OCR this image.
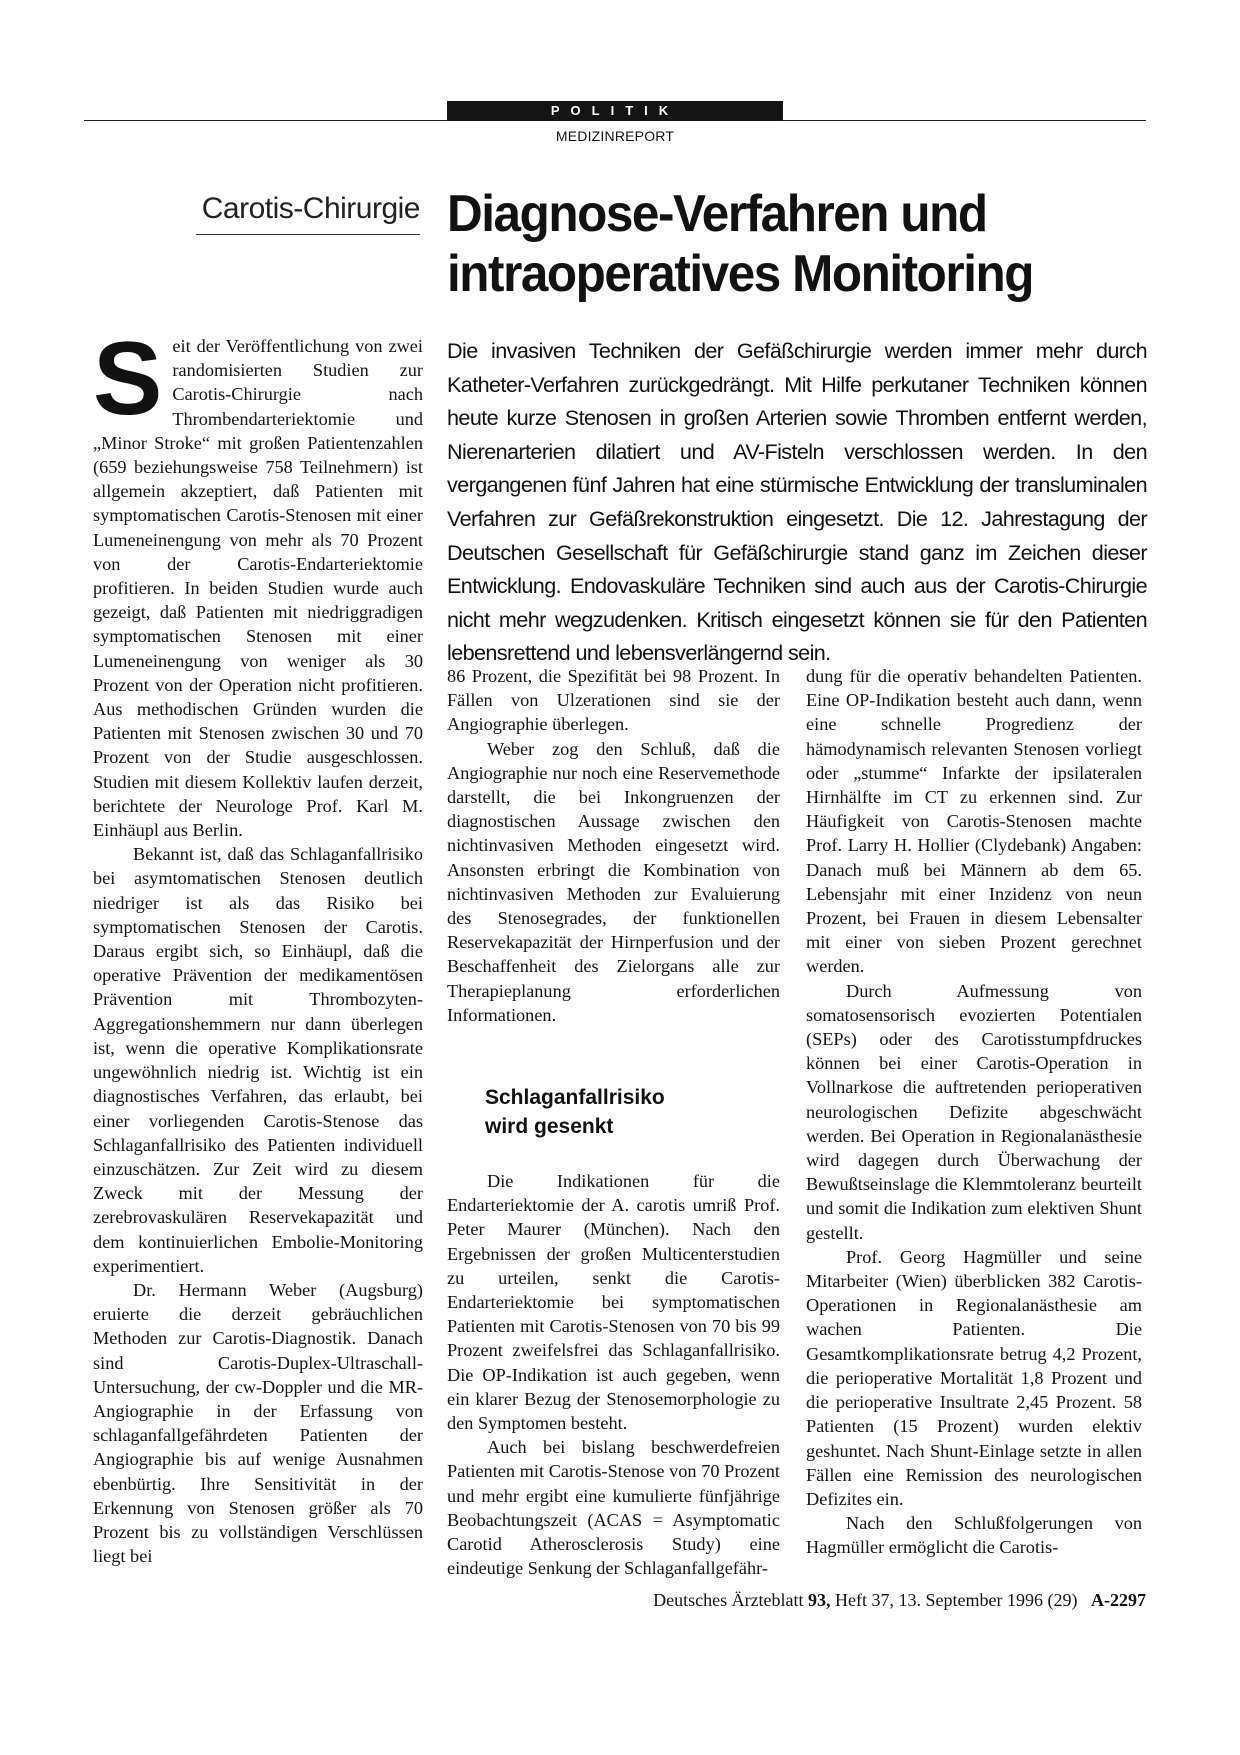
POLITIK
MEDIZINREPORT
Carotis-Chirurgie Diagnose-Verfahren und
intraoperatives Monitoring

Die invasiven Techniken der Gefäßchirurgie werden immer mehr durch Katheter-Verfahren zurückgedrängt. Mit Hilfe perkutaner Techniken können heute kurze Stenosen in großen Arterien sowie Thromben entfernt werden, Nierenarterien dilatiert und AV-Fisteln verschlossen werden. In den vergangenen fünf Jahren hat eine stürmische Entwicklung der transluminalen Verfahren zur Gefäßrekonstruktion eingesetzt. Die 12. Jahrestagung der Deutschen Gesellschaft für Gefäßchirurgie stand ganz im Zeichen dieser Entwicklung. Endovaskuläre Techniken sind auch aus der Carotis-Chirurgie nicht mehr wegzudenken. Kritisch eingesetzt können sie für den Patienten lebensrettend und lebensverlängernd sein.

Seit der Veröffentlichung von zwei randomisierten Studien zur Carotis-Chirurgie nach Thrombendarteriektomie und „Minor Stroke“ mit großen Patientenzahlen (659 beziehungsweise 758 Teilnehmern) ist allgemein akzeptiert, daß Patienten mit symptomatischen Carotis-Stenosen mit einer Lumeneinengung von mehr als 70 Prozent von der Carotis-Endarteriektomie profitieren. In beiden Studien wurde auch gezeigt, daß Patienten mit niedriggradigen symptomatischen Stenosen mit einer Lumeneinengung von weniger als 30 Prozent von der Operation nicht profitieren. Aus methodischen Gründen wurden die Patienten mit Stenosen zwischen 30 und 70 Prozent von der Studie ausgeschlossen. Studien mit diesem Kollektiv laufen derzeit, berichtete der Neurologe Prof. Karl M. Einhäupl aus Berlin.

Bekannt ist, daß das Schlaganfallrisiko bei asymtomatischen Stenosen deutlich niedriger ist als das Risiko bei symptomatischen Stenosen der Carotis. Daraus ergibt sich, so Einhäupl, daß die operative Prävention der medikamentösen Prävention mit Thrombozyten-Aggregationshemmern nur dann überlegen ist, wenn die operative Komplikationsrate ungewöhnlich niedrig ist. Wichtig ist ein diagnostisches Verfahren, das erlaubt, bei einer vorliegenden Carotis-Stenose das Schlaganfallrisiko des Patienten individuell einzuschätzen. Zur Zeit wird zu diesem Zweck mit der Messung der zerebrovaskulären Reservekapazität und dem kontinuierlichen Embolie-Monitoring experimentiert.

Dr. Hermann Weber (Augsburg) eruierte die derzeit gebräuchlichen Methoden zur Carotis-Diagnostik. Danach sind Carotis-Duplex-Ultraschall-Untersuchung, der cw-Doppler und die MR-Angiographie in der Erfassung von schlaganfallgefährdeten Patienten der Angiographie bis auf wenige Ausnahmen ebenbürtig. Ihre Sensitivität in der Erkennung von Stenosen größer als 70 Prozent bis zu vollständigen Verschlüssen liegt bei

86 Prozent, die Spezifität bei 98 Prozent. In Fällen von Ulzerationen sind sie der Angiographie überlegen.

Weber zog den Schluß, daß die Angiographie nur noch eine Reservemethode darstellt, die bei Inkongruenzen der diagnostischen Aussage zwischen den nichtinvasiven Methoden eingesetzt wird. Ansonsten erbringt die Kombination von nichtinvasiven Methoden zur Evaluierung des Stenosegrades, der funktionellen Reservekapazität der Hirnperfusion und der Beschaffenheit des Zielorgans alle zur Therapieplanung erforderlichen Informationen.

Schlaganfallrisiko
wird gesenkt

Die Indikationen für die Endarteriektomie der A. carotis umriß Prof. Peter Maurer (München). Nach den Ergebnissen der großen Multicenterstudien zu urteilen, senkt die Carotis-Endarteriektomie bei symptomatischen Patienten mit Carotis-Stenosen von 70 bis 99 Prozent zweifelsfrei das Schlaganfallrisiko. Die OP-Indikation ist auch gegeben, wenn ein klarer Bezug der Stenosemorphologie zu den Symptomen besteht.

Auch bei bislang beschwerdefreien Patienten mit Carotis-Stenose von 70 Prozent und mehr ergibt eine kumulierte fünfjährige Beobachtungszeit (ACAS = Asymptomatic Carotid Atherosclerosis Study) eine eindeutige Senkung der Schlaganfallgefähr-

dung für die operativ behandelten Patienten. Eine OP-Indikation besteht auch dann, wenn eine schnelle Progredienz der hämodynamisch relevanten Stenosen vorliegt oder „stumme“ Infarkte der ipsilateralen Hirnhälfte im CT zu erkennen sind. Zur Häufigkeit von Carotis-Stenosen machte Prof. Larry H. Hollier (Clydebank) Angaben: Danach muß bei Männern ab dem 65. Lebensjahr mit einer Inzidenz von neun Prozent, bei Frauen in diesem Lebensalter mit einer von sieben Prozent gerechnet werden.

Durch Aufmessung von somatosensorisch evozierten Potentialen (SEPs) oder des Carotisstumpfdruckes können bei einer Carotis-Operation in Vollnarkose die auftretenden perioperativen neurologischen Defizite abgeschwächt werden. Bei Operation in Regionalanästhesie wird dagegen durch Überwachung der Bewußtseinslage die Klemmtoleranz beurteilt und somit die Indikation zum elektiven Shunt gestellt.

Prof. Georg Hagmüller und seine Mitarbeiter (Wien) überblicken 382 Carotis-Operationen in Regionalanästhesie am wachen Patienten. Die Gesamtkomplikationsrate betrug 4,2 Prozent, die perioperative Mortalität 1,8 Prozent und die perioperative Insultrate 2,45 Prozent. 58 Patienten (15 Prozent) wurden elektiv geshuntet. Nach Shunt-Einlage setzte in allen Fällen eine Remission des neurologischen Defizites ein.

Nach den Schlußfolgerungen von Hagmüller ermöglicht die Carotis-

Deutsches Ärzteblatt 93, Heft 37, 13. September 1996 (29) A-2297
